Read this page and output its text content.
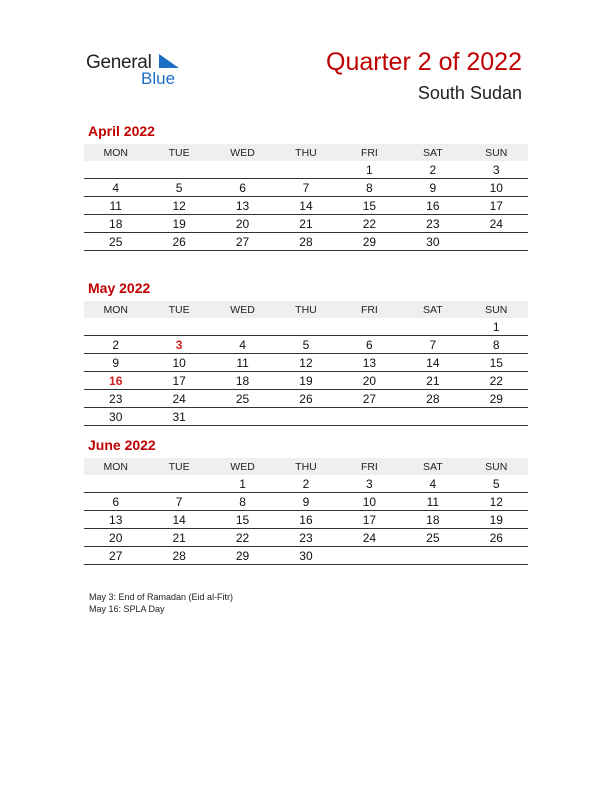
General
Blue
Quarter 2 of 2022
South Sudan
April 2022
MON	TUE	WED	THU	FRI	SAT	SUN
				1	2	3
4	5	6	7	8	9	10
11	12	13	14	15	16	17
18	19	20	21	22	23	24
25	26	27	28	29	30	
May 2022
MON	TUE	WED	THU	FRI	SAT	SUN
						1
2	3	4	5	6	7	8
9	10	11	12	13	14	15
16	17	18	19	20	21	22
23	24	25	26	27	28	29
30	31					
June 2022
MON	TUE	WED	THU	FRI	SAT	SUN
		1	2	3	4	5
6	7	8	9	10	11	12
13	14	15	16	17	18	19
20	21	22	23	24	25	26
27	28	29	30			
May 3: End of Ramadan (Eid al-Fitr)
May 16: SPLA Day
